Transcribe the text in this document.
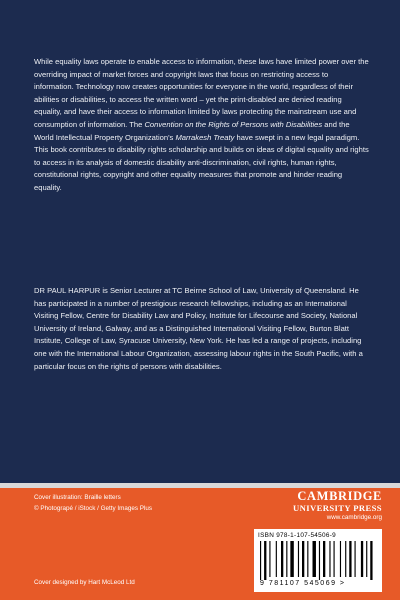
While equality laws operate to enable access to information, these laws have limited power over the overriding impact of market forces and copyright laws that focus on restricting access to information. Technology now creates opportunities for everyone in the world, regardless of their abilities or disabilities, to access the written word – yet the print-disabled are denied reading equality, and have their access to information limited by laws protecting the mainstream use and consumption of information. The Convention on the Rights of Persons with Disabilities and the World Intellectual Property Organization's Marrakesh Treaty have swept in a new legal paradigm. This book contributes to disability rights scholarship and builds on ideas of digital equality and rights to access in its analysis of domestic disability anti-discrimination, civil rights, human rights, constitutional rights, copyright and other equality measures that promote and hinder reading equality.

DR PAUL HARPUR is Senior Lecturer at TC Beirne School of Law, University of Queensland. He has participated in a number of prestigious research fellowships, including as an International Visiting Fellow, Centre for Disability Law and Policy, Institute for Lifecourse and Society, National University of Ireland, Galway, and as a Distinguished International Visiting Fellow, Burton Blatt Institute, College of Law, Syracuse University, New York. He has led a range of projects, including one with the International Labour Organization, assessing labour rights in the South Pacific, with a particular focus on the rights of persons with disabilities.

Cover illustration: Braille letters
© Photograpé / iStock / Getty Images Plus
Cover designed by Hart McLeod Ltd
CAMBRIDGE
UNIVERSITY PRESS
www.cambridge.org
ISBN 978-1-107-54506-9
9 781107 545069 >
